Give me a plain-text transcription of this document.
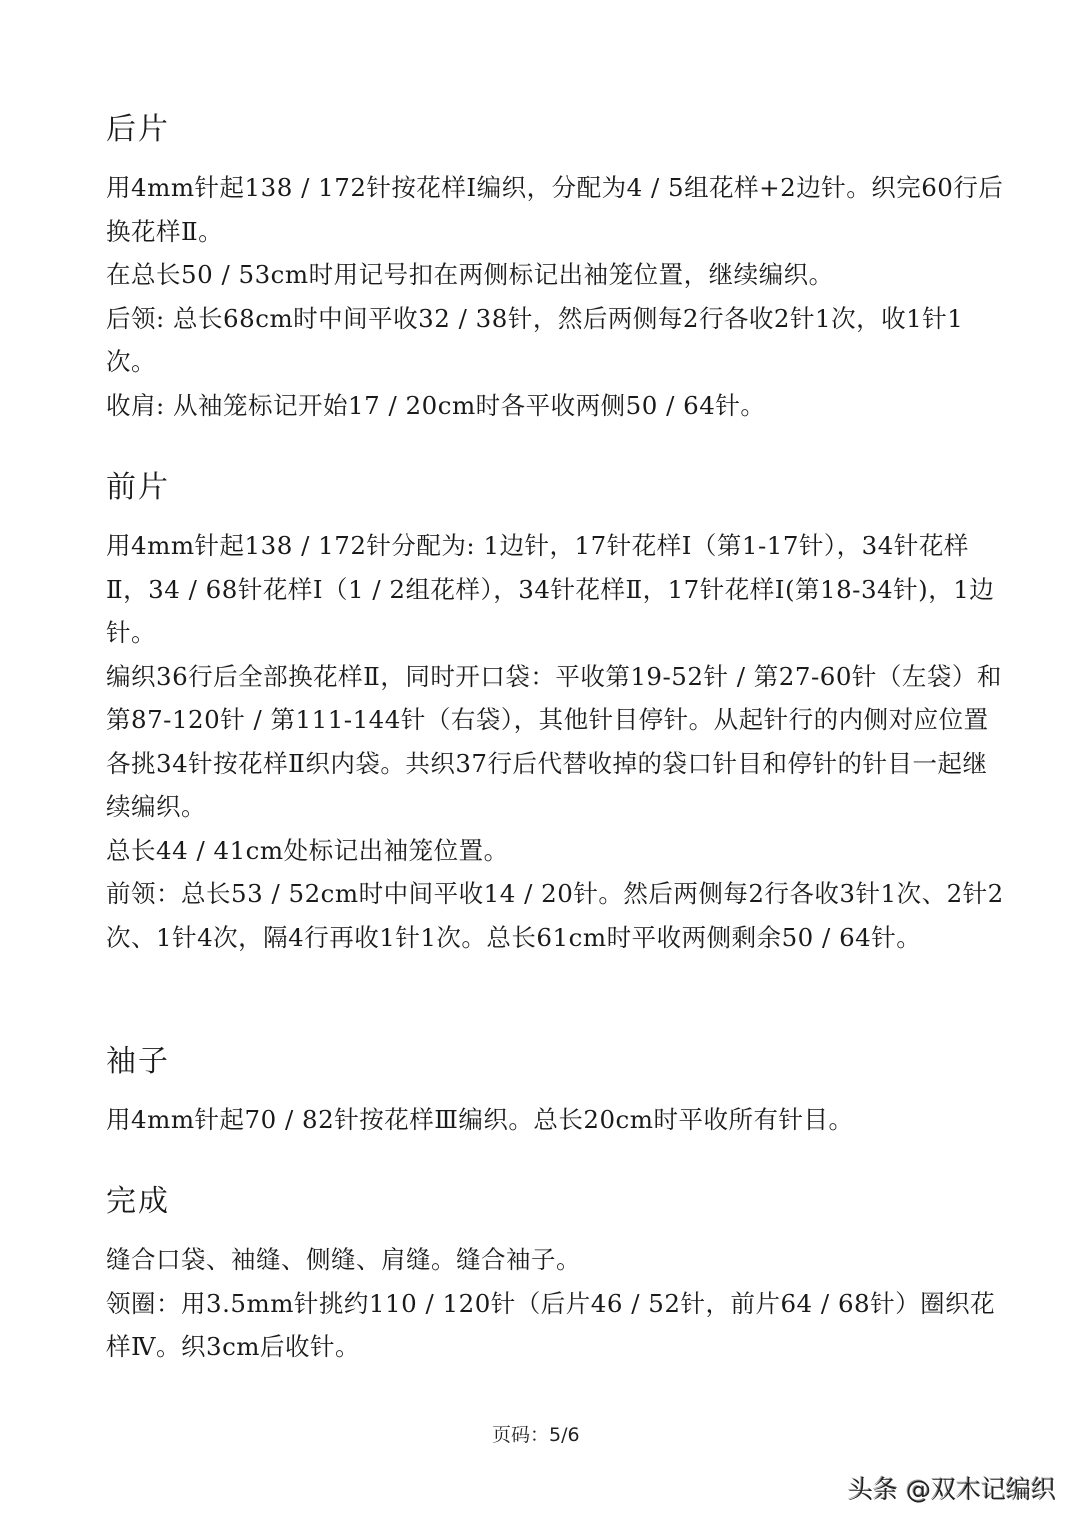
后片

用4mm针起138 / 172针按花样Ⅰ编织，分配为4 / 5组花样+2边针。织完60行后换花样Ⅱ。

在总长50 / 53cm时用记号扣在两侧标记出袖笼位置，继续编织。

后领: 总长68cm时中间平收32 / 38针，然后两侧每2行各收2针1次，收1针1次。

收肩: 从袖笼标记开始17 / 20cm时各平收两侧50 / 64针。

前片

用4mm针起138 / 172针分配为: 1边针，17针花样Ⅰ（第1-17针），34针花样Ⅱ，34 / 68针花样Ⅰ（1 / 2组花样），34针花样Ⅱ，17针花样Ⅰ(第18-34针)，1边针。

编织36行后全部换花样Ⅱ，同时开口袋：平收第19-52针 / 第27-60针（左袋）和第87-120针 / 第111-144针（右袋），其他针目停针。从起针行的内侧对应位置各挑34针按花样Ⅱ织内袋。共织37行后代替收掉的袋口针目和停针的针目一起继续编织。

总长44 / 41cm处标记出袖笼位置。

前领：总长53 / 52cm时中间平收14 / 20针。然后两侧每2行各收3针1次、2针2次、1针4次，隔4行再收1针1次。总长61cm时平收两侧剩余50 / 64针。

袖子

用4mm针起70 / 82针按花样Ⅲ编织。总长20cm时平收所有针目。

完成

缝合口袋、袖缝、侧缝、肩缝。缝合袖子。

领圈：用3.5mm针挑约110 / 120针（后片46 / 52针，前片64 / 68针）圈织花样Ⅳ。织3cm后收针。

页码：5/6
头条 @双木记编织
